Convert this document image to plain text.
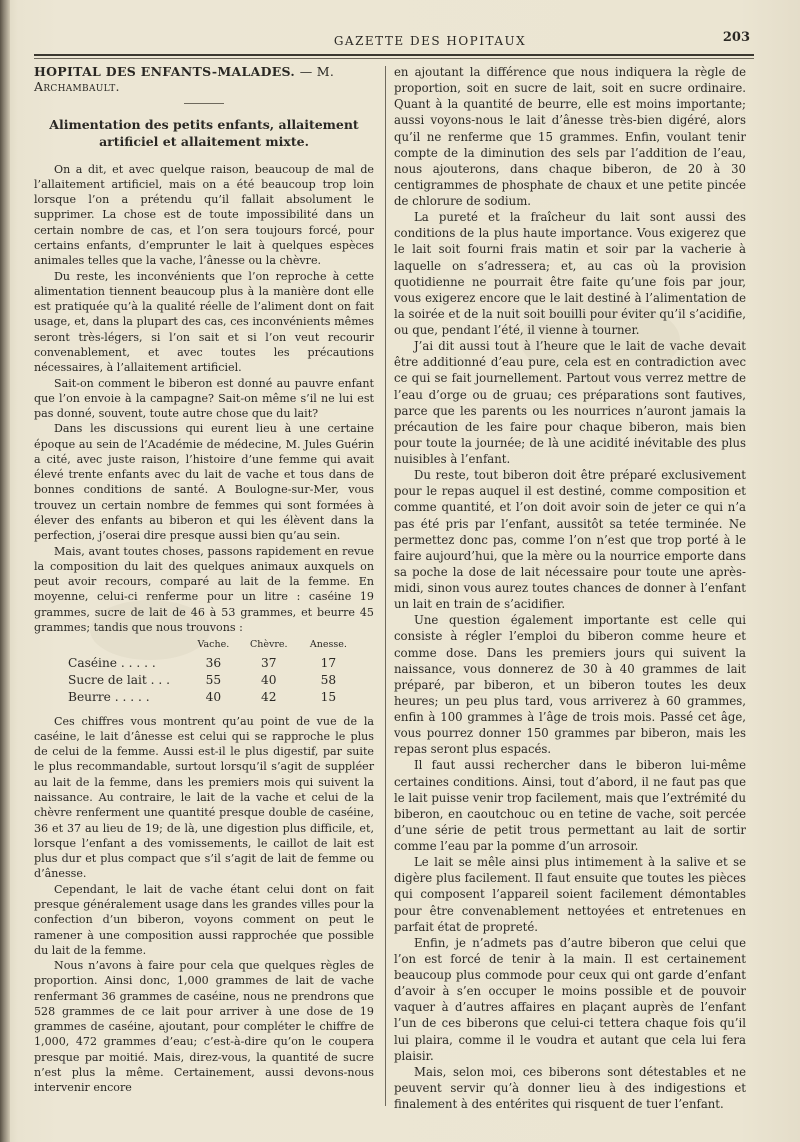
GAZETTE DES HOPITAUX	203

HOPITAL DES ENFANTS-MALADES. — M. Archambault.

Alimentation des petits enfants, allaitement artificiel et allaitement mixte.

On a dit, et avec quelque raison, beaucoup de mal de l’allaitement artificiel, mais on a été beaucoup trop loin lorsque l’on a prétendu qu’il fallait absolument le supprimer. La chose est de toute impossibilité dans un certain nombre de cas, et l’on sera toujours forcé, pour certains enfants, d’emprunter le lait à quelques espèces animales telles que la vache, l’ânesse ou la chèvre.

Du reste, les inconvénients que l’on reproche à cette alimentation tiennent beaucoup plus à la manière dont elle est pratiquée qu’à la qualité réelle de l’aliment dont on fait usage, et, dans la plupart des cas, ces inconvénients mêmes seront très-légers, si l’on sait et si l’on veut recourir convenablement, et avec toutes les précautions nécessaires, à l’allaitement artificiel.

Sait-on comment le biberon est donné au pauvre enfant que l’on envoie à la campagne? Sait-on même s’il ne lui est pas donné, souvent, toute autre chose que du lait?

Dans les discussions qui eurent lieu à une certaine époque au sein de l’Académie de médecine, M. Jules Guérin a cité, avec juste raison, l’histoire d’une femme qui avait élevé trente enfants avec du lait de vache et tous dans de bonnes conditions de santé. A Boulogne-sur-Mer, vous trouvez un certain nombre de femmes qui sont formées à élever des enfants au biberon et qui les élèvent dans la perfection, j’oserai dire presque aussi bien qu’au sein.

Mais, avant toutes choses, passons rapidement en revue la composition du lait des quelques animaux auxquels on peut avoir recours, comparé au lait de la femme. En moyenne, celui-ci renferme pour un litre : caséine 19 grammes, sucre de lait de 46 à 53 grammes, et beurre 45 grammes; tandis que nous trouvons :

	Vache.	Chèvre.	Anesse.
Caséine . . . . .	36	37	17
Sucre de lait . . .	55	40	58
Beurre . . . . .	40	42	15

Ces chiffres vous montrent qu’au point de vue de la caséine, le lait d’ânesse est celui qui se rapproche le plus de celui de la femme. Aussi est-il le plus digestif, par suite le plus recommandable, surtout lorsqu’il s’agit de suppléer au lait de la femme, dans les premiers mois qui suivent la naissance. Au contraire, le lait de la vache et celui de la chèvre renferment une quantité presque double de caséine, 36 et 37 au lieu de 19; de là, une digestion plus difficile, et, lorsque l’enfant a des vomissements, le caillot de lait est plus dur et plus compact que s’il s’agit de lait de femme ou d’ânesse.

Cependant, le lait de vache étant celui dont on fait presque généralement usage dans les grandes villes pour la confection d’un biberon, voyons comment on peut le ramener à une composition aussi rapprochée que possible du lait de la femme.

Nous n’avons à faire pour cela que quelques règles de proportion. Ainsi donc, 1,000 grammes de lait de vache renfermant 36 grammes de caséine, nous ne prendrons que 528 grammes de ce lait pour arriver à une dose de 19 grammes de caséine, ajoutant, pour compléter le chiffre de 1,000, 472 grammes d’eau; c’est-à-dire qu’on le coupera presque par moitié. Mais, direz-vous, la quantité de sucre n’est plus la même. Certainement, aussi devons-nous intervenir encore

en ajoutant la différence que nous indiquera la règle de proportion, soit en sucre de lait, soit en sucre ordinaire. Quant à la quantité de beurre, elle est moins importante; aussi voyons-nous le lait d’ânesse très-bien digéré, alors qu’il ne renferme que 15 grammes. Enfin, voulant tenir compte de la diminution des sels par l’addition de l’eau, nous ajouterons, dans chaque biberon, de 20 à 30 centigrammes de phosphate de chaux et une petite pincée de chlorure de sodium.

La pureté et la fraîcheur du lait sont aussi des conditions de la plus haute importance. Vous exigerez que le lait soit fourni frais matin et soir par la vacherie à laquelle on s’adressera; et, au cas où la provision quotidienne ne pourrait être faite qu’une fois par jour, vous exigerez encore que le lait destiné à l’alimentation de la soirée et de la nuit soit bouilli pour éviter qu’il s’acidifie, ou que, pendant l’été, il vienne à tourner.

J’ai dit aussi tout à l’heure que le lait de vache devait être additionné d’eau pure, cela est en contradiction avec ce qui se fait journellement. Partout vous verrez mettre de l’eau d’orge ou de gruau; ces préparations sont fautives, parce que les parents ou les nourrices n’auront jamais la précaution de les faire pour chaque biberon, mais bien pour toute la journée; de là une acidité inévitable des plus nuisibles à l’enfant.

Du reste, tout biberon doit être préparé exclusivement pour le repas auquel il est destiné, comme composition et comme quantité, et l’on doit avoir soin de jeter ce qui n’a pas été pris par l’enfant, aussitôt sa tetée terminée. Ne permettez donc pas, comme l’on n’est que trop porté à le faire aujourd’hui, que la mère ou la nourrice emporte dans sa poche la dose de lait nécessaire pour toute une après-midi, sinon vous aurez toutes chances de donner à l’enfant un lait en train de s’acidifier.

Une question également importante est celle qui consiste à régler l’emploi du biberon comme heure et comme dose. Dans les premiers jours qui suivent la naissance, vous donnerez de 30 à 40 grammes de lait préparé, par biberon, et un biberon toutes les deux heures; un peu plus tard, vous arriverez à 60 grammes, enfin à 100 grammes à l’âge de trois mois. Passé cet âge, vous pourrez donner 150 grammes par biberon, mais les repas seront plus espacés.

Il faut aussi rechercher dans le biberon lui-même certaines conditions. Ainsi, tout d’abord, il ne faut pas que le lait puisse venir trop facilement, mais que l’extrémité du biberon, en caoutchouc ou en tetine de vache, soit percée d’une série de petit trous permettant au lait de sortir comme l’eau par la pomme d’un arrosoir.

Le lait se mêle ainsi plus intimement à la salive et se digère plus facilement. Il faut ensuite que toutes les pièces qui composent l’appareil soient facilement démontables pour être convenablement nettoyées et entretenues en parfait état de propreté.

Enfin, je n’admets pas d’autre biberon que celui que l’on est forcé de tenir à la main. Il est certainement beaucoup plus commode pour ceux qui ont garde d’enfant d’avoir à s’en occuper le moins possible et de pouvoir vaquer à d’autres affaires en plaçant auprès de l’enfant l’un de ces biberons que celui-ci tettera chaque fois qu’il lui plaira, comme il le voudra et autant que cela lui fera plaisir.

Mais, selon moi, ces biberons sont détestables et ne peuvent servir qu’à donner lieu à des indigestions et finalement à des entérites qui risquent de tuer l’enfant.
